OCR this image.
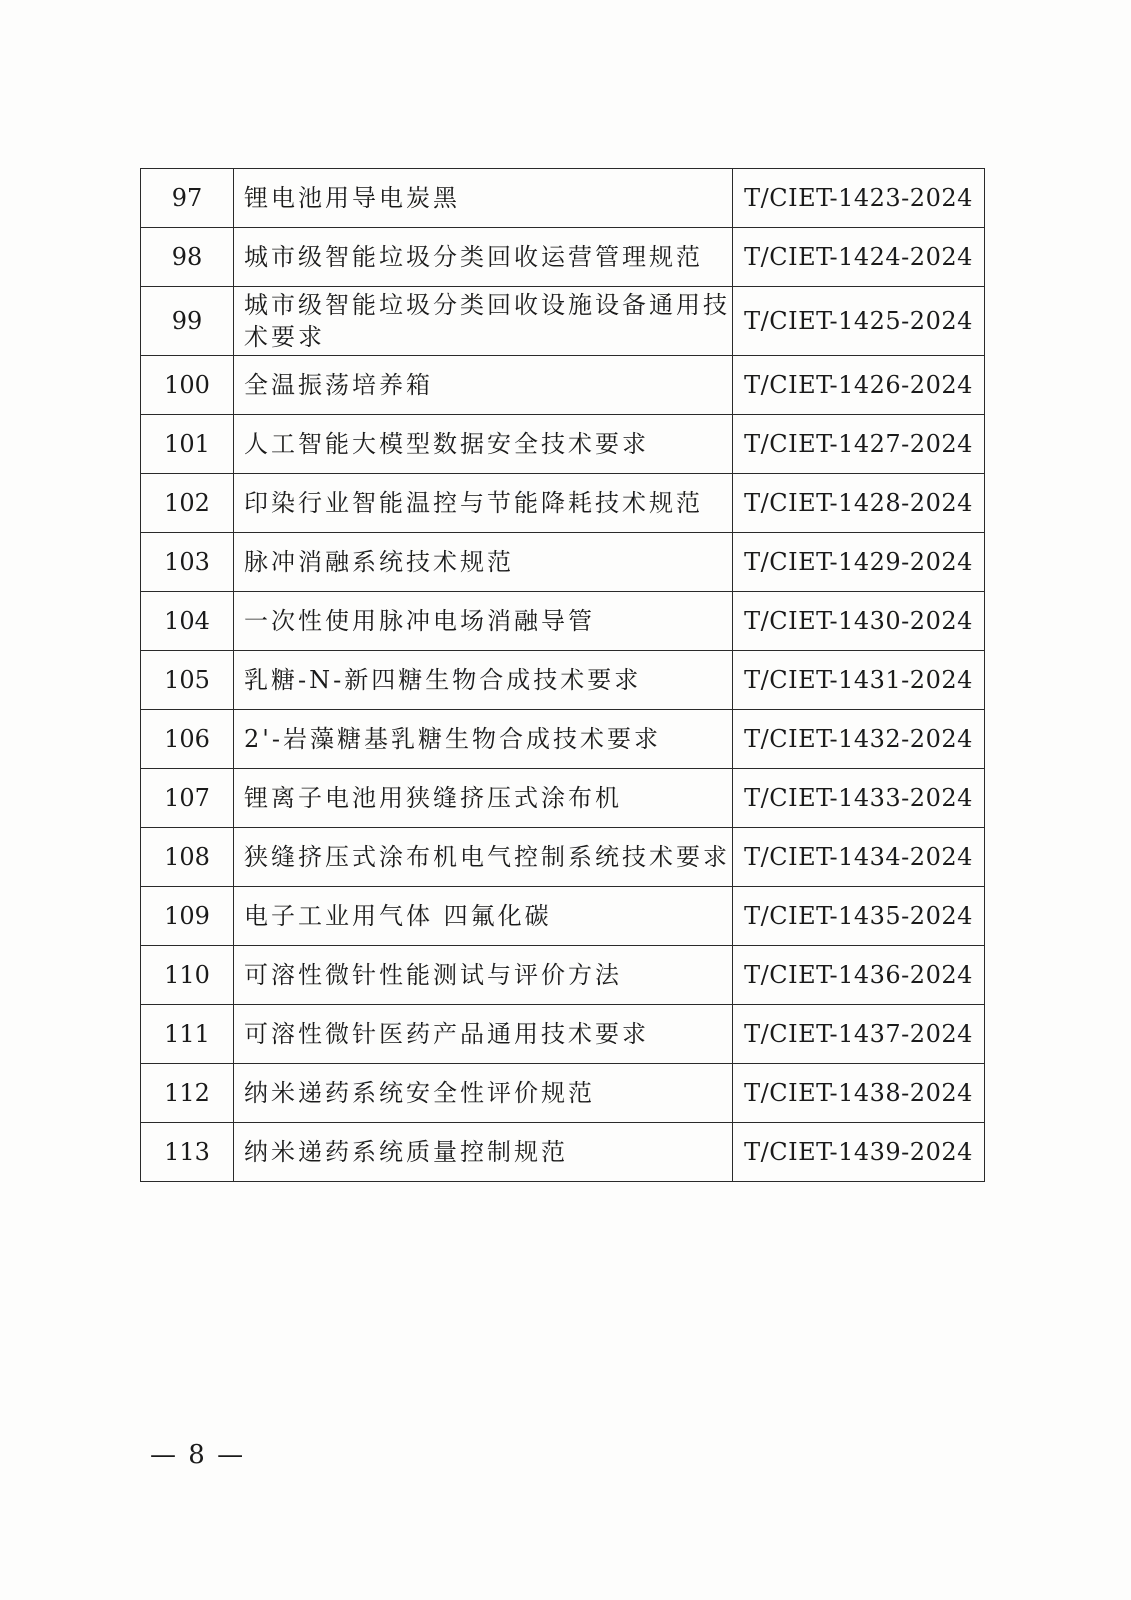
97	锂电池用导电炭黑	T/CIET-1423-2024
98	城市级智能垃圾分类回收运营管理规范	T/CIET-1424-2024
99	城市级智能垃圾分类回收设施设备通用技术要求	T/CIET-1425-2024
100	全温振荡培养箱	T/CIET-1426-2024
101	人工智能大模型数据安全技术要求	T/CIET-1427-2024
102	印染行业智能温控与节能降耗技术规范	T/CIET-1428-2024
103	脉冲消融系统技术规范	T/CIET-1429-2024
104	一次性使用脉冲电场消融导管	T/CIET-1430-2024
105	乳糖-N-新四糖生物合成技术要求	T/CIET-1431-2024
106	2'-岩藻糖基乳糖生物合成技术要求	T/CIET-1432-2024
107	锂离子电池用狭缝挤压式涂布机	T/CIET-1433-2024
108	狭缝挤压式涂布机电气控制系统技术要求	T/CIET-1434-2024
109	电子工业用气体 四氟化碳	T/CIET-1435-2024
110	可溶性微针性能测试与评价方法	T/CIET-1436-2024
111	可溶性微针医药产品通用技术要求	T/CIET-1437-2024
112	纳米递药系统安全性评价规范	T/CIET-1438-2024
113	纳米递药系统质量控制规范	T/CIET-1439-2024
— 8 —
